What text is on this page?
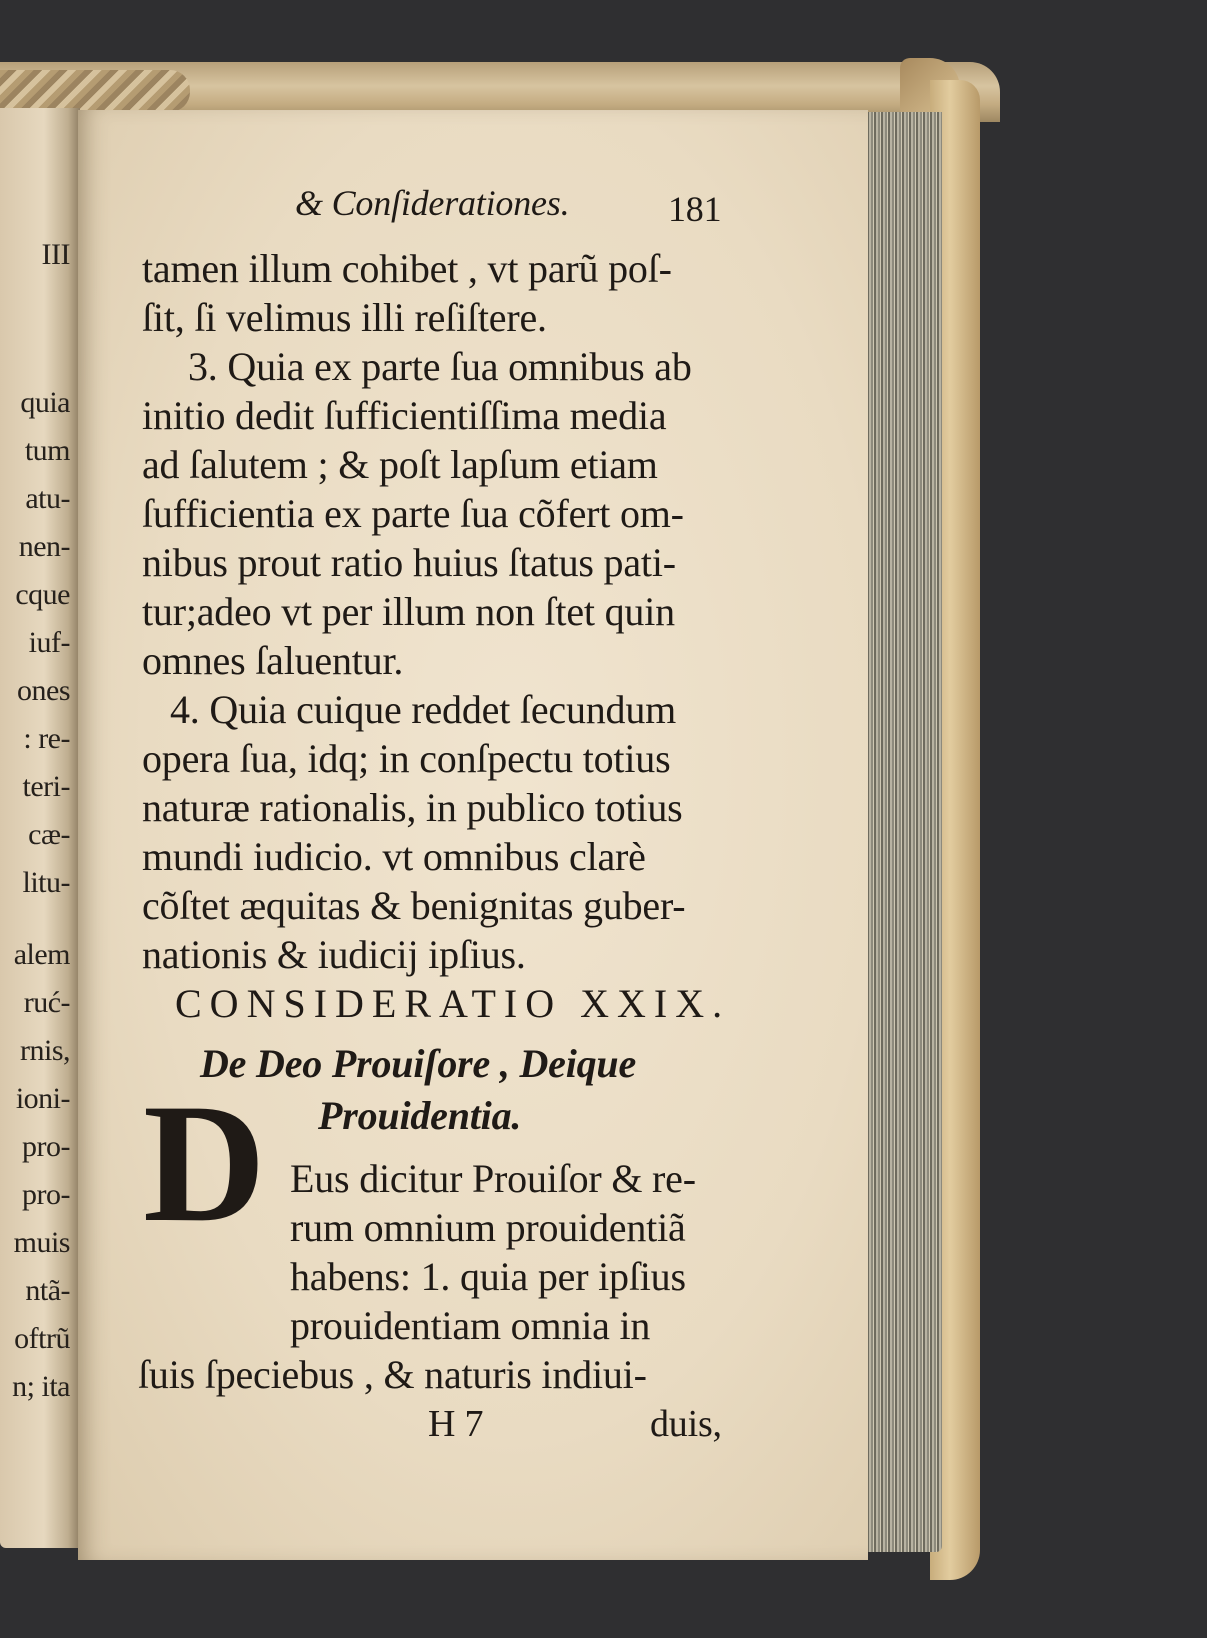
III
quia
tum
atu-
nen-
cque
iuf-
ones
: re-
teri-
cæ-
litu-
alem
ruć-
rnis,
ioni-
pro-
pro-
muis
ntã-
oftrũ
n; ita
& Conſiderationes.	181
tamen illum cohibet , vt parũ poſ-
ſit, ſi velimus illi reſiſtere.
3. Quia ex parte ſua omnibus ab
initio dedit ſufficientiſſima media
ad ſalutem ; & poſt lapſum etiam
ſufficientia ex parte ſua cõfert om-
nibus prout ratio huius ſtatus pati-
tur;adeo vt per illum non ſtet quin
omnes ſaluentur.
4. Quia cuique reddet ſecundum
opera ſua, idq; in conſpectu totius
naturæ rationalis, in publico totius
mundi iudicio. vt omnibus clarè
cõſtet æquitas & benignitas guber-
nationis & iudicij ipſius.
CONSIDERATIO XXIX.
De Deo Prouiſore , Deique
Prouidentia.
D Eus dicitur Prouiſor & re-
rum omnium prouidentiã
habens: 1. quia per ipſius
prouidentiam omnia in
ſuis ſpeciebus , & naturis indiui-
H 7	duis,
